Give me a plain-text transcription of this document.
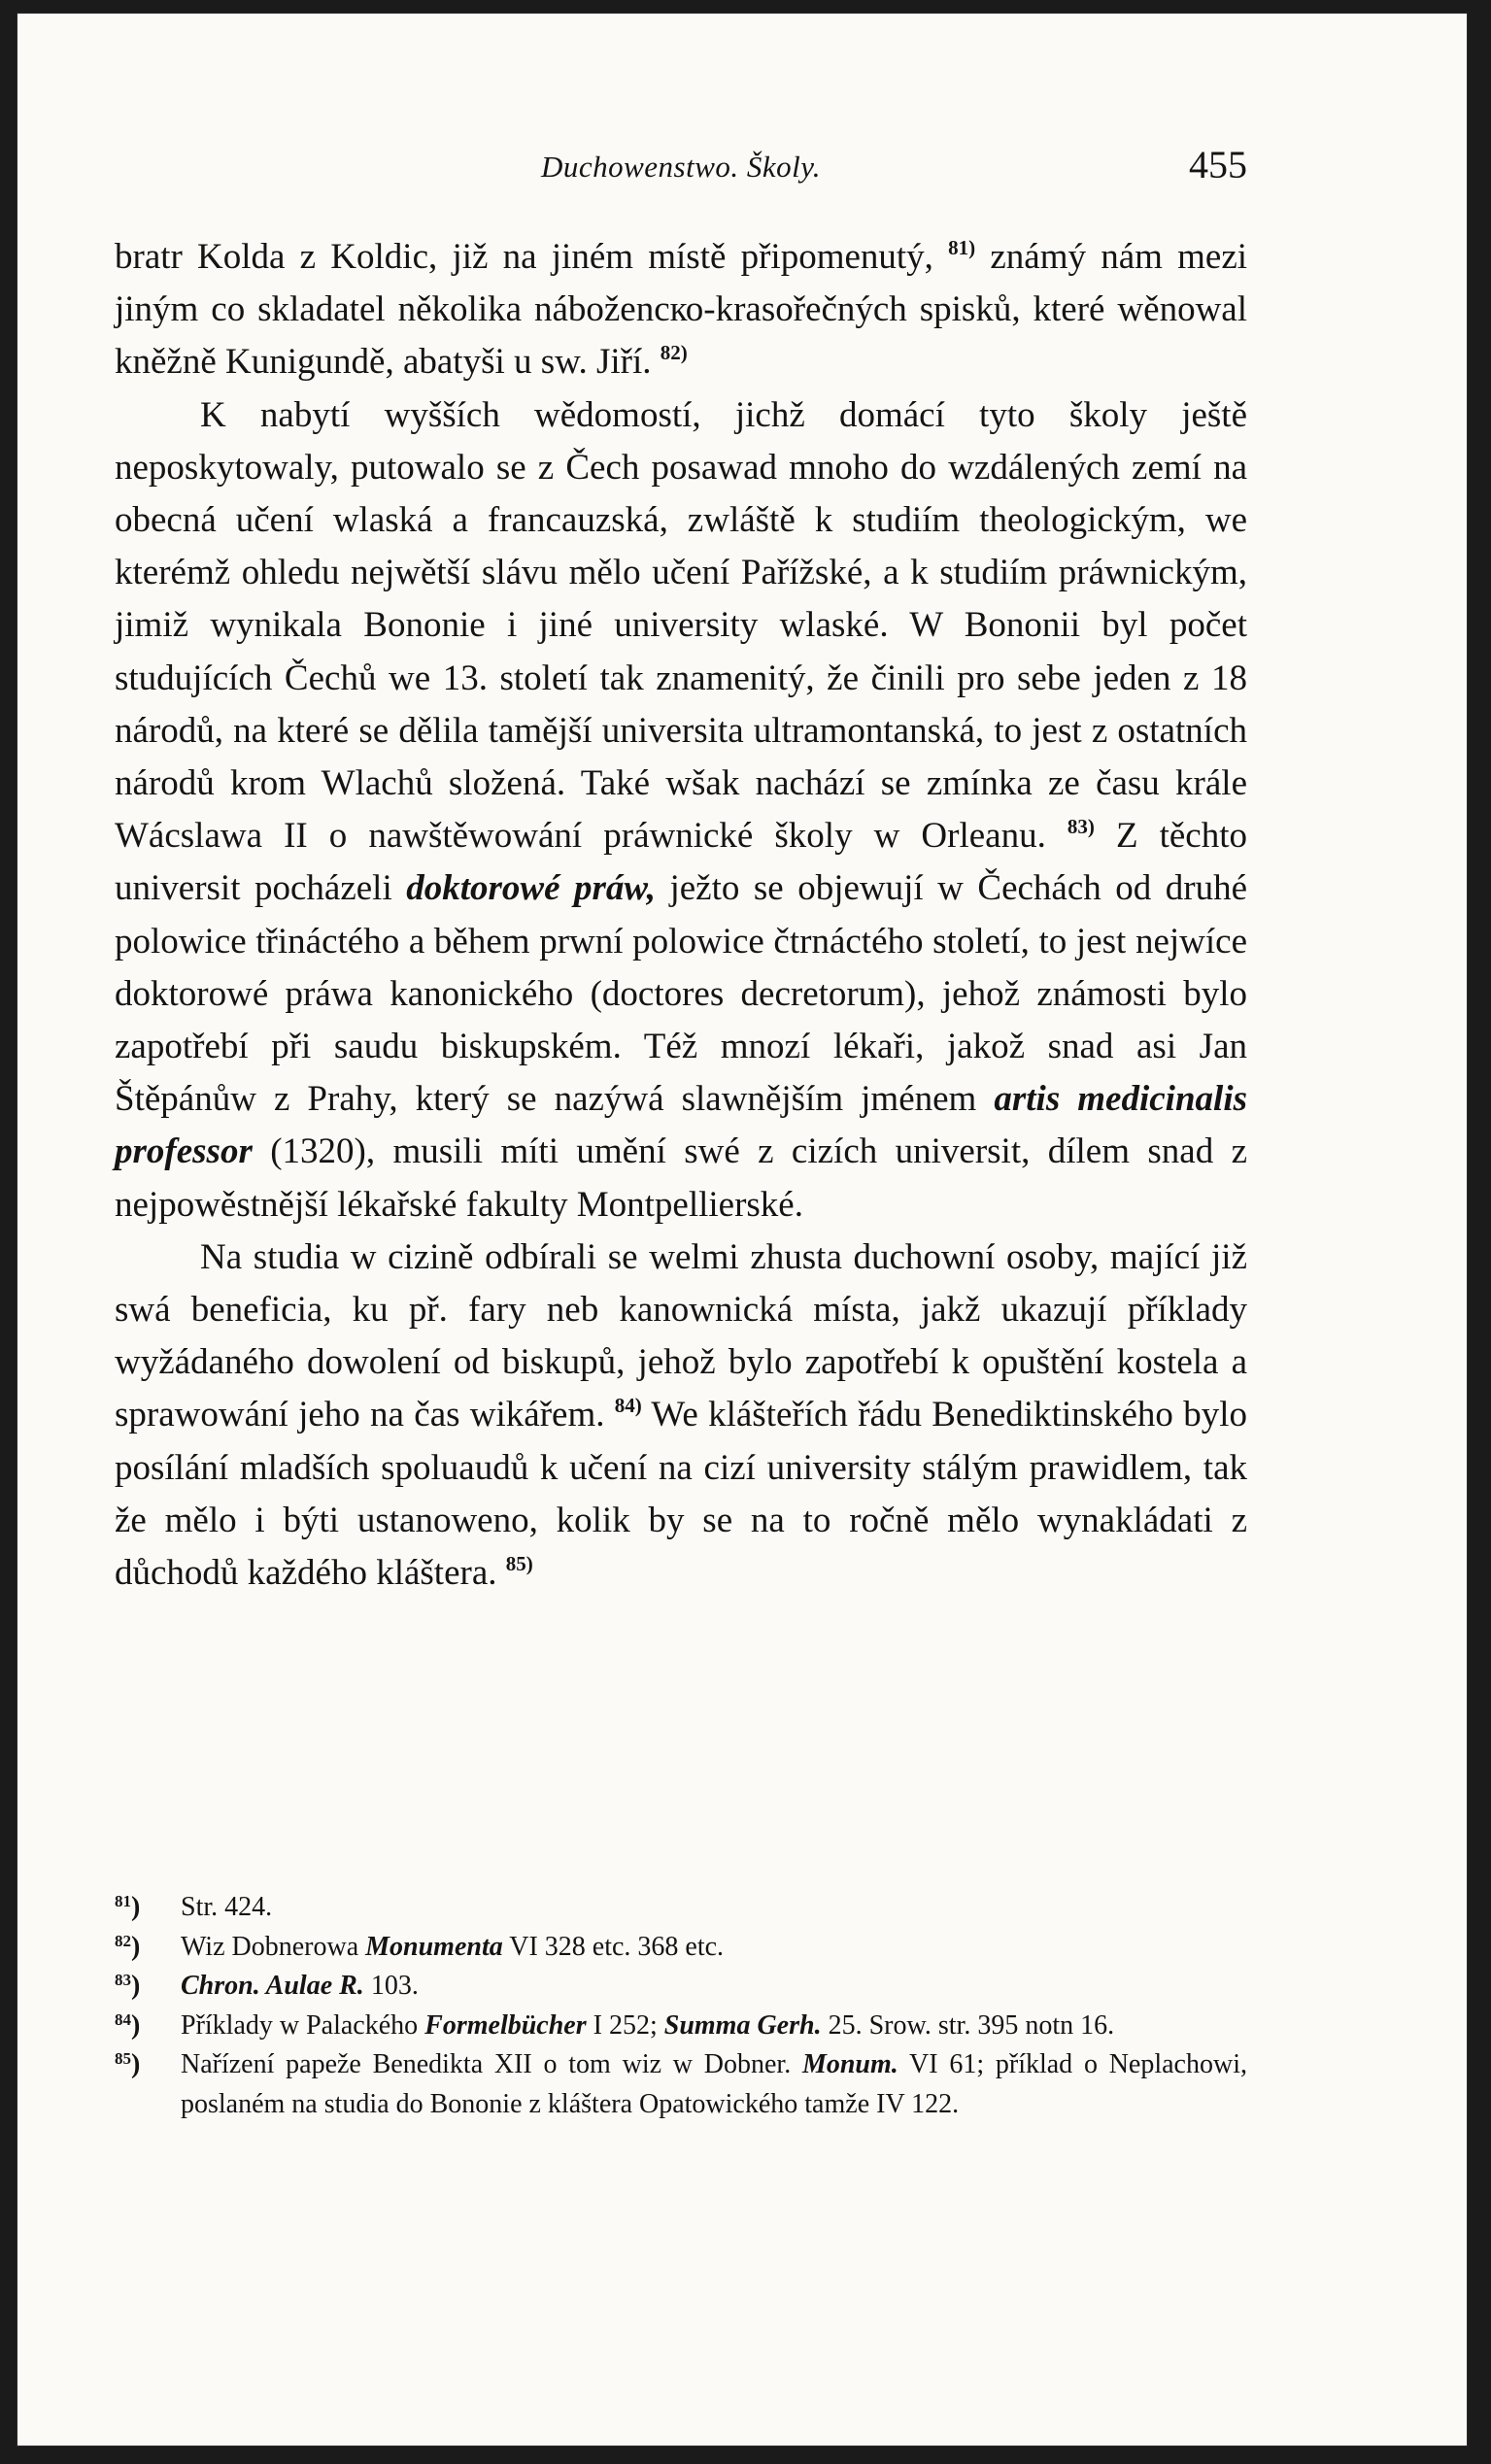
Duchowenstwo. Školy.	455

bratr Kolda z Koldic, již na jiném místě připomenutý, $^{81)}$ známý nám mezi jiným co skladatel několika náboženско-krasořečných spisků, které wěnowal kněžně Kunigundě, abatyši u sw. Jiří. $^{82)}$

K nabytí wyšších wědomostí, jichž domácí tyto školy ještě neposkytowaly, putowalo se z Čech posawad mnoho do wzdálených zemí na obecná učení wlaská a francauzská, zwláště k studiím theologickým, we kterémž ohledu nejwětší slávu mělo učení Pařížské, a k studiím práwnickým, jimiž wynikala Bononie i jiné university wlaské. W Bononii byl počet studujících Čechů we 13. století tak znamenitý, že činili pro sebe jeden z 18 národů, na které se dělila tamější universita ultramontanská, to jest z ostatních národů krom Wlachů složená. Také wšak nachází se zmínka ze času krále Wácslawa II o nawštěwowání práwnické školy w Orleanu. $^{83)}$ Z těchto universit pocházeli doktorowé práw, ježto se objewují w Čechách od druhé polowice třináctého a během prwní polowice čtrnáctého století, to jest nejwíce doktorowé práwa kanonického (doctores decretorum), jehož známosti bylo zapotřebí při saudu biskupském. Též mnozí lékaři, jakož snad asi Jan Štěpánůw z Prahy, který se nazýwá slawnějším jménem artis medicinalis professor (1320), musili míti umění swé z cizích universit, dílem snad z nejpowěstnější lékařské fakulty Montpellierské.

Na studia w cizině odbírali se welmi zhusta duchowní osoby, mající již swá beneficia, ku př. fary neb kanownická místa, jakž ukazují příklady wyžádaného dowolení od biskupů, jehož bylo zapotřebí k opuštění kostela a sprawowání jeho na čas wikářem. $^{84)}$ We klášteřích řádu Benediktinského bylo posílání mladších spoluaudů k učení na cizí university stálým prawidlem, tak že mělo i býti ustanoweno, kolik by se na to ročně mělo wynakládati z důchodů každého kláštera. $^{85)}$

$^{81}$) Str. 424.

$^{82}$) Wiz Dobnerowa Monumenta VI 328 etc. 368 etc.

$^{83}$) Chron. Aulae R. 103.

$^{84}$) Příklady w Palackého Formelbücher I 252; Summa Gerh. 25. Srow. str. 395 notn 16.

$^{85}$) Nařízení papeže Benedikta XII o tom wiz w Dobner. Monum. VI 61; příklad o Neplachowi, poslaném na studia do Bononie z kláštera Opatowického tamže IV 122.
